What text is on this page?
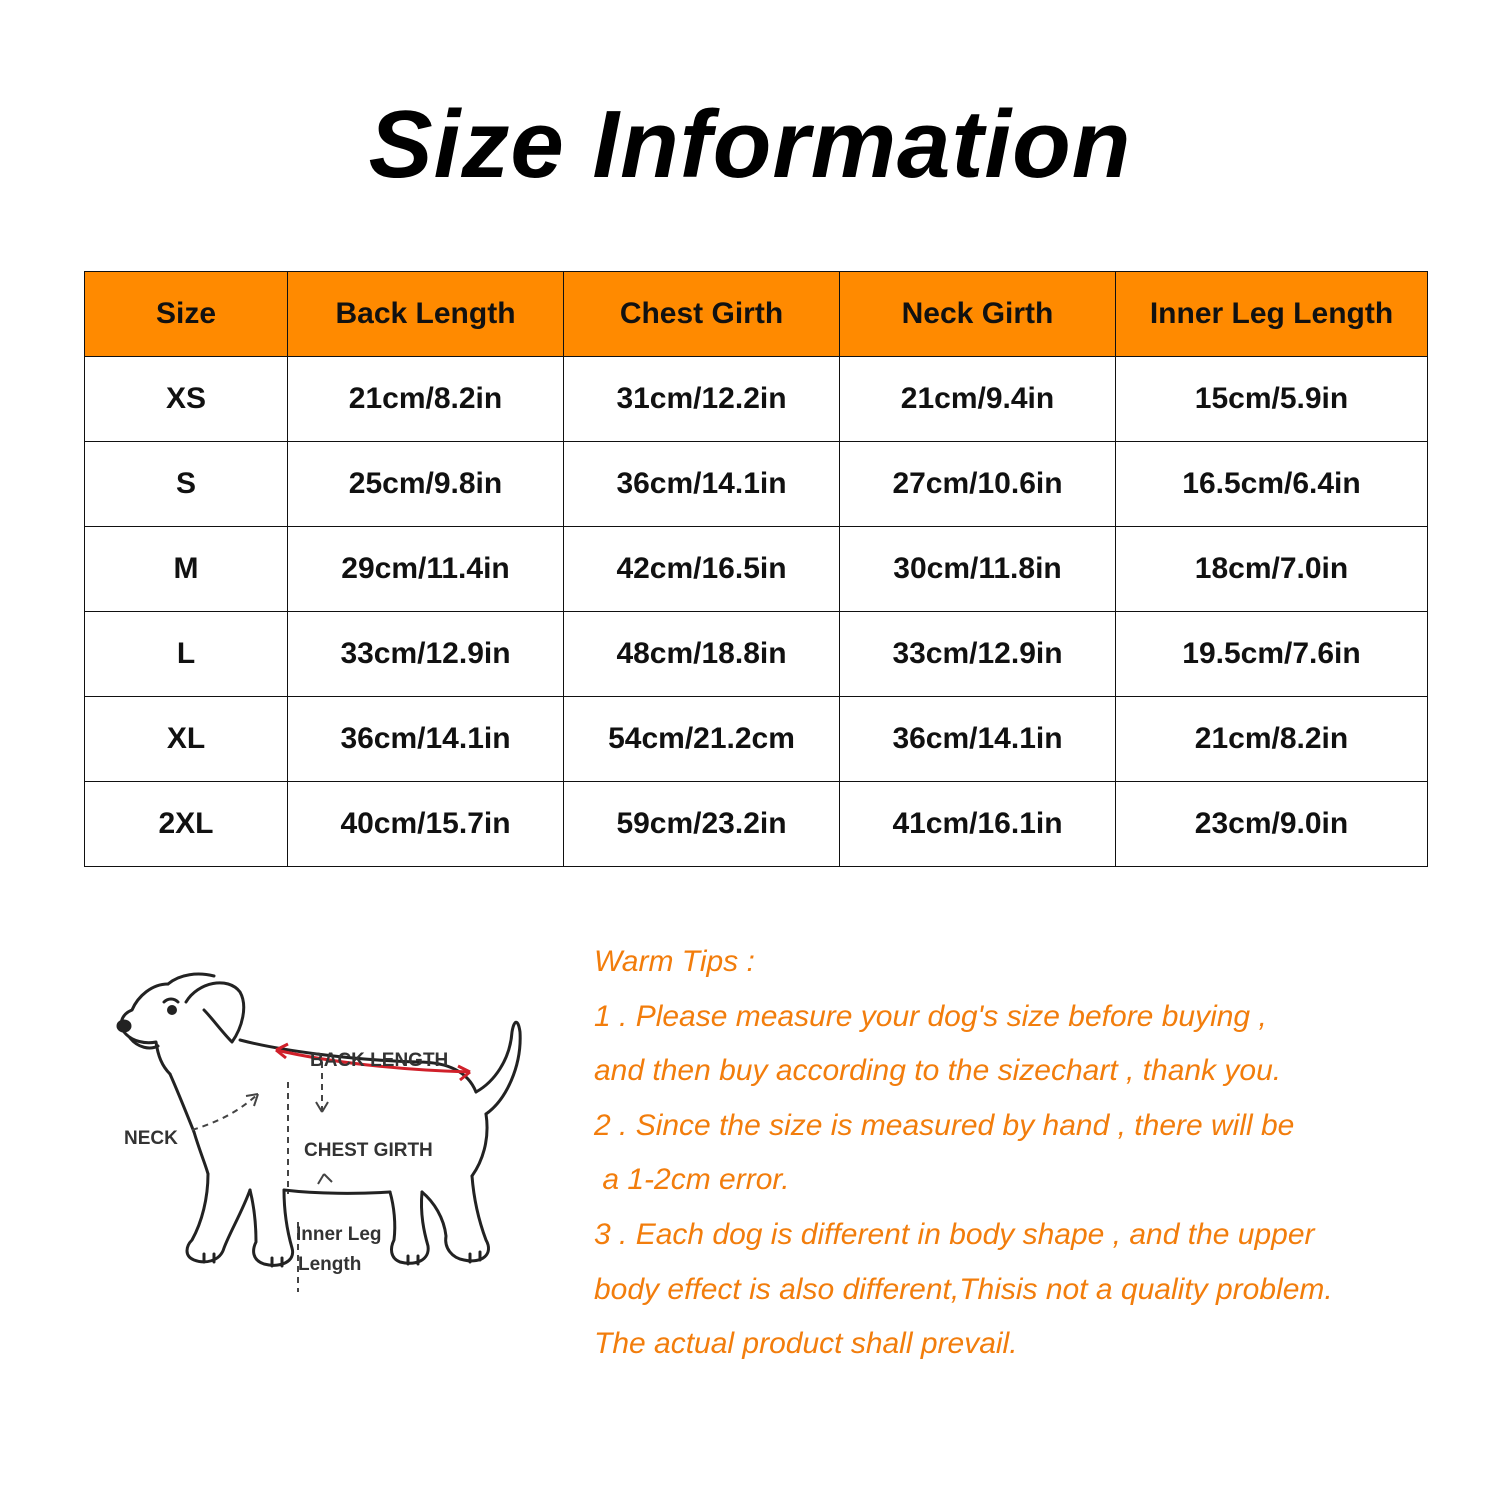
Size Information
Size	Back Length	Chest Girth	Neck Girth	Inner Leg Length
XS	21cm/8.2in	31cm/12.2in	21cm/9.4in	15cm/5.9in
S	25cm/9.8in	36cm/14.1in	27cm/10.6in	16.5cm/6.4in
M	29cm/11.4in	42cm/16.5in	30cm/11.8in	18cm/7.0in
L	33cm/12.9in	48cm/18.8in	33cm/12.9in	19.5cm/7.6in
XL	36cm/14.1in	54cm/21.2cm	36cm/14.1in	21cm/8.2in
2XL	40cm/15.7in	59cm/23.2in	41cm/16.1in	23cm/9.0in
BACK LENGTH
NECK
CHEST GIRTH
Inner Leg
Length
Warm Tips :
1 . Please measure your dog's size before buying ,
and then buy according to the sizechart , thank you.
2 . Since the size is measured by hand , there will be
a 1-2cm error.
3 . Each dog is different in body shape , and the upper
body effect is also different,Thisis not a quality problem.
The actual product shall prevail.
